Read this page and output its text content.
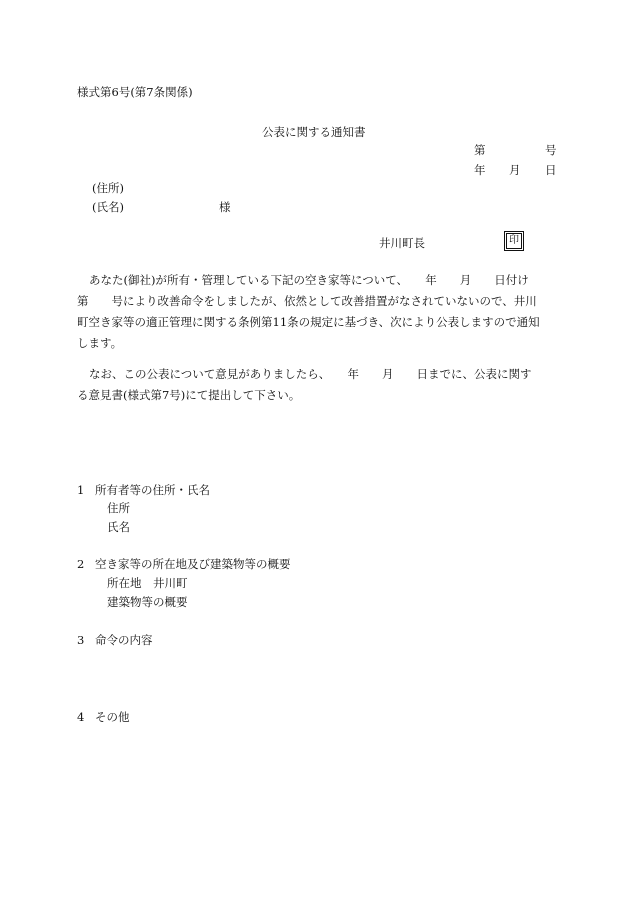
様式第6号(第7条関係)
公表に関する通知書
第	号
年 月 日
(住所)
(氏名)	様
井川町長	印
あなた(御社)が所有・管理している下記の空き家等について、　　年　　月　　日付け
第　　号により改善命令をしましたが、依然として改善措置がなされていないので、井川
町空き家等の適正管理に関する条例第11条の規定に基づき、次により公表しますので通知
します。
なお、この公表について意見がありましたら、　　年　　月　　日までに、公表に関す
る意見書(様式第7号)にて提出して下さい。
1 所有者等の住所・氏名
住所
氏名
2 空き家等の所在地及び建築物等の概要
所在地　井川町
建築物等の概要
3 命令の内容
4 その他
